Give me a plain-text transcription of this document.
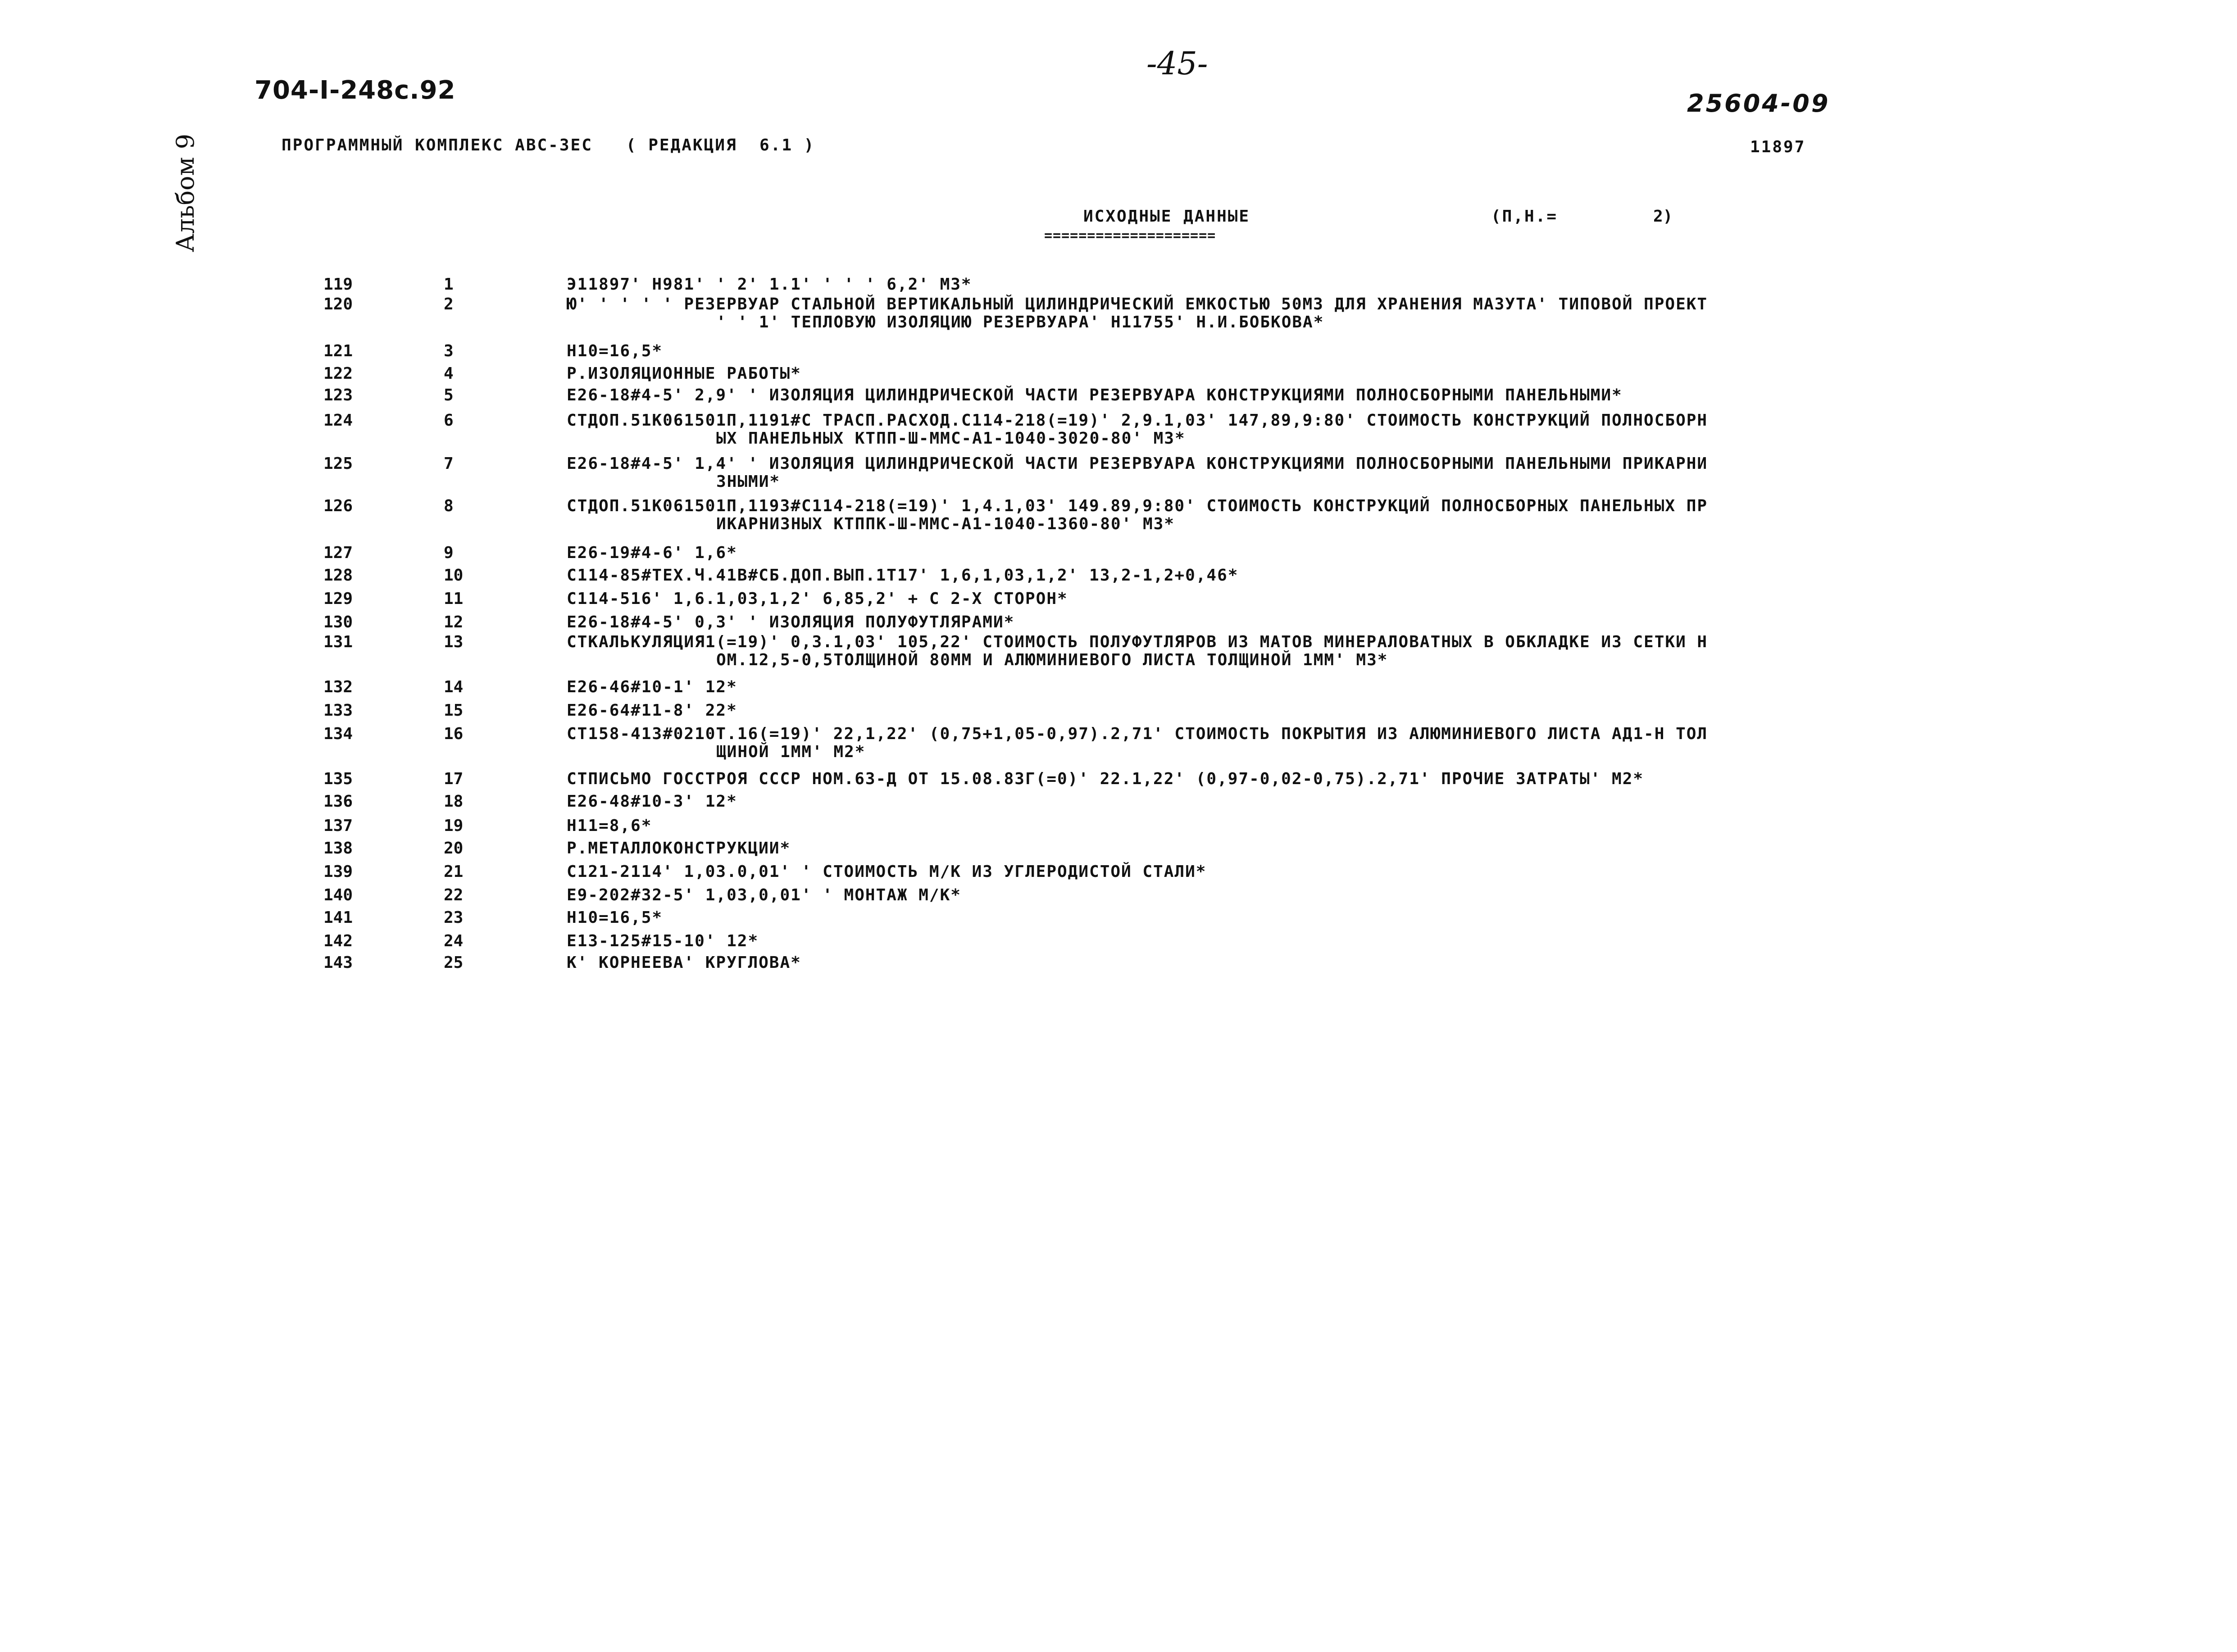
704-I-248с.92
-45-
25604-09
Альбом 9	ПРОГРАММНЫЙ КОМПЛЕКС АВС-3ЕС   ( РЕДАКЦИЯ  6.1 )	11897
ИСХОДНЫЕ ДАННЫЕ
====================
(П,Н.=	2)
119	1	Э11897' Н981' ' 2' 1.1' ' ' ' 6,2' М3*
120	2	Ю' ' ' ' ' РЕЗЕРВУАР СТАЛЬНОЙ ВЕРТИКАЛЬНЫЙ ЦИЛИНДРИЧЕСКИЙ ЕМКОСТЬЮ 50М3 ДЛЯ ХРАНЕНИЯ МАЗУТА' ТИПОВОЙ ПРОЕКТ
' ' 1' ТЕПЛОВУЮ ИЗОЛЯЦИЮ РЕЗЕРВУАРА' Н11755' Н.И.БОБКОВА*
121	3	Н10=16,5*
122	4	Р.ИЗОЛЯЦИОННЫЕ РАБОТЫ*
123	5	Е26-18#4-5' 2,9' ' ИЗОЛЯЦИЯ ЦИЛИНДРИЧЕСКОЙ ЧАСТИ РЕЗЕРВУАРА КОНСТРУКЦИЯМИ ПОЛНОСБОРНЫМИ ПАНЕЛЬНЫМИ*
124	6	СТДОП.51К061501П,1191#С ТРАСП.РАСХОД.С114-218(=19)' 2,9.1,03' 147,89,9:80' СТОИМОСТЬ КОНСТРУКЦИЙ ПОЛНОСБОРН
ЫХ ПАНЕЛЬНЫХ КТПП-Ш-ММС-А1-1040-3020-80' М3*
125	7	Е26-18#4-5' 1,4' ' ИЗОЛЯЦИЯ ЦИЛИНДРИЧЕСКОЙ ЧАСТИ РЕЗЕРВУАРА КОНСТРУКЦИЯМИ ПОЛНОСБОРНЫМИ ПАНЕЛЬНЫМИ ПРИКАРНИ
ЗНЫМИ*
126	8	СТДОП.51К061501П,1193#С114-218(=19)' 1,4.1,03' 149.89,9:80' СТОИМОСТЬ КОНСТРУКЦИЙ ПОЛНОСБОРНЫХ ПАНЕЛЬНЫХ ПР
ИКАРНИЗНЫХ КТППК-Ш-ММС-А1-1040-1360-80' М3*
127	9	Е26-19#4-6' 1,6*
128	10	С114-85#ТЕХ.Ч.41В#СБ.ДОП.ВЫП.1Т17' 1,6,1,03,1,2' 13,2-1,2+0,46*
129	11	С114-516' 1,6.1,03,1,2' 6,85,2' + С 2-Х СТОРОН*
130	12	Е26-18#4-5' 0,3' ' ИЗОЛЯЦИЯ ПОЛУФУТЛЯРАМИ*
131	13	СТКАЛЬКУЛЯЦИЯ1(=19)' 0,3.1,03' 105,22' СТОИМОСТЬ ПОЛУФУТЛЯРОВ ИЗ МАТОВ МИНЕРАЛОВАТНЫХ В ОБКЛАДКЕ ИЗ СЕТКИ Н
ОМ.12,5-0,5ТОЛЩИНОЙ 80ММ И АЛЮМИНИЕВОГО ЛИСТА ТОЛЩИНОЙ 1ММ' М3*
132	14	Е26-46#10-1' 12*
133	15	Е26-64#11-8' 22*
134	16	СТ158-413#0210Т.16(=19)' 22,1,22' (0,75+1,05-0,97).2,71' СТОИМОСТЬ ПОКРЫТИЯ ИЗ АЛЮМИНИЕВОГО ЛИСТА АД1-Н ТОЛ
ЩИНОЙ 1ММ' М2*
135	17	СТПИСЬМО ГОССТРОЯ СССР НОМ.63-Д ОТ 15.08.83Г(=0)' 22.1,22' (0,97-0,02-0,75).2,71' ПРОЧИЕ ЗАТРАТЫ' М2*
136	18	Е26-48#10-3' 12*
137	19	Н11=8,6*
138	20	Р.МЕТАЛЛОКОНСТРУКЦИИ*
139	21	С121-2114' 1,03.0,01' ' СТОИМОСТЬ М/К ИЗ УГЛЕРОДИСТОЙ СТАЛИ*
140	22	Е9-202#32-5' 1,03,0,01' ' МОНТАЖ М/К*
141	23	Н10=16,5*
142	24	Е13-125#15-10' 12*
143	25	К' КОРНЕЕВА' КРУГЛОВА*
